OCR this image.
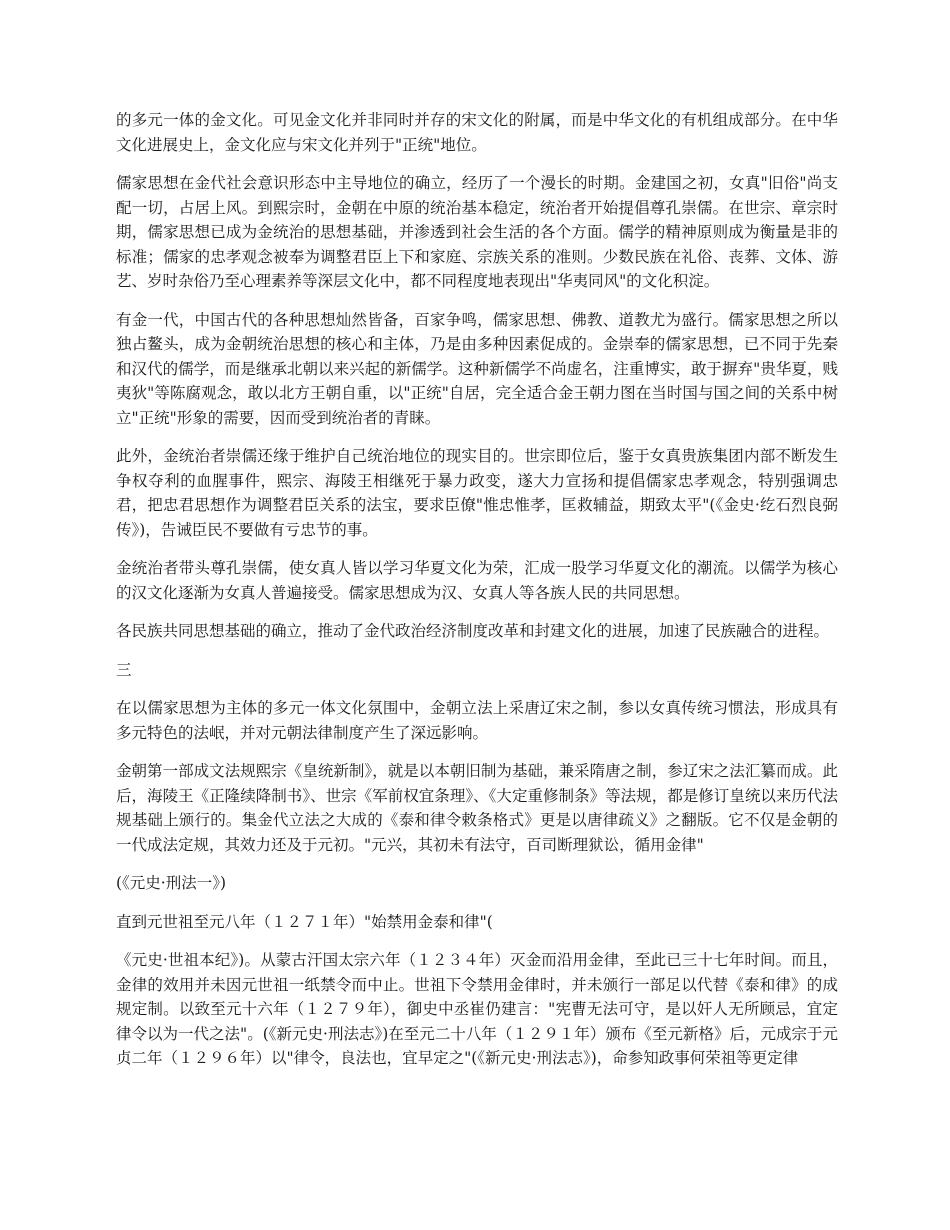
的多元一体的金文化。可见金文化并非同时并存的宋文化的附属，而是中华文化的有机组成部分。在中华文化进展史上，金文化应与宋文化并列于"正统"地位。

儒家思想在金代社会意识形态中主导地位的确立，经历了一个漫长的时期。金建国之初，女真"旧俗"尚支配一切，占居上风。到熙宗时，金朝在中原的统治基本稳定，统治者开始提倡尊孔崇儒。在世宗、章宗时期，儒家思想已成为金统治的思想基础，并渗透到社会生活的各个方面。儒学的精神原则成为衡量是非的标准；儒家的忠孝观念被奉为调整君臣上下和家庭、宗族关系的准则。少数民族在礼俗、丧葬、文体、游艺、岁时杂俗乃至心理素养等深层文化中，都不同程度地表现出"华夷同风"的文化积淀。

有金一代，中国古代的各种思想灿然皆备，百家争鸣，儒家思想、佛教、道教尤为盛行。儒家思想之所以独占鳌头，成为金朝统治思想的核心和主体，乃是由多种因素促成的。金崇奉的儒家思想，已不同于先秦和汉代的儒学，而是继承北朝以来兴起的新儒学。这种新儒学不尚虚名，注重博实，敢于摒弃"贵华夏，贱夷狄"等陈腐观念，敢以北方王朝自重，以"正统"自居，完全适合金王朝力图在当时国与国之间的关系中树立"正统"形象的需要，因而受到统治者的青睐。

此外，金统治者崇儒还缘于维护自己统治地位的现实目的。世宗即位后，鉴于女真贵族集团内部不断发生争权夺利的血腥事件，熙宗、海陵王相继死于暴力政变，遂大力宣扬和提倡儒家忠孝观念，特别强调忠君，把忠君思想作为调整君臣关系的法宝，要求臣僚"惟忠惟孝，匡救辅益，期致太平"(《金史·纥石烈良弼传》)，告诫臣民不要做有亏忠节的事。

金统治者带头尊孔崇儒，使女真人皆以学习华夏文化为荣，汇成一股学习华夏文化的潮流。以儒学为核心的汉文化逐渐为女真人普遍接受。儒家思想成为汉、女真人等各族人民的共同思想。

各民族共同思想基础的确立，推动了金代政治经济制度改革和封建文化的进展，加速了民族融合的进程。

三

在以儒家思想为主体的多元一体文化氛围中，金朝立法上采唐辽宋之制，参以女真传统习惯法，形成具有多元特色的法岷，并对元朝法律制度产生了深远影响。

金朝第一部成文法规熙宗《皇统新制》，就是以本朝旧制为基础，兼采隋唐之制，参辽宋之法汇纂而成。此后，海陵王《正隆续降制书》、世宗《军前权宜条理》、《大定重修制条》等法规，都是修订皇统以来历代法规基础上颁行的。集金代立法之大成的《泰和律令敕条格式》更是以唐律疏义》之翻版。它不仅是金朝的一代成法定规，其效力还及于元初。"元兴，其初未有法守，百司断理狱讼，循用金律"

(《元史·刑法一》)

直到元世祖至元八年（１２７１年）"始禁用金泰和律"(

《元史·世祖本纪》)。从蒙古汗国太宗六年（１２３４年）灭金而沿用金律，至此已三十七年时间。而且，金律的效用并未因元世祖一纸禁令而中止。世祖下令禁用金律时，并未颁行一部足以代替《泰和律》的成规定制。以致至元十六年（１２７９年），御史中丞崔仍建言："宪曹无法可守，是以奸人无所顾忌，宜定律令以为一代之法"。(《新元史·刑法志》)在至元二十八年（１２９１年）颁布《至元新格》后，元成宗于元贞二年（１２９６年）以"律令，良法也，宜早定之"(《新元史·刑法志》)，命参知政事何荣祖等更定律
